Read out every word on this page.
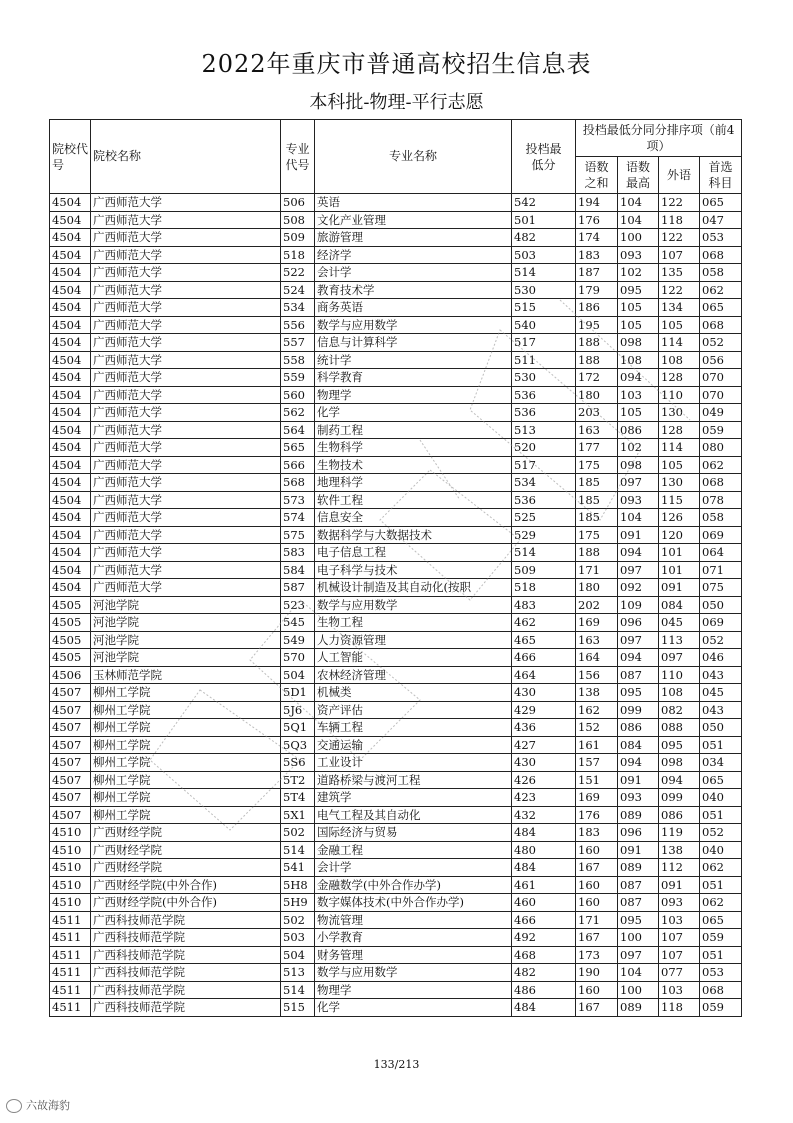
2022年重庆市普通高校招生信息表
本科批-物理-平行志愿
院校代号	院校名称	专业代号	专业名称	投档最低分	投档最低分同分排序项（前4项）			
					语数之和	语数最高	外语	首选科目
4504	广西师范大学	506	英语	542	194	104	122	065
4504	广西师范大学	508	文化产业管理	501	176	104	118	047
4504	广西师范大学	509	旅游管理	482	174	100	122	053
4504	广西师范大学	518	经济学	503	183	093	107	068
4504	广西师范大学	522	会计学	514	187	102	135	058
4504	广西师范大学	524	教育技术学	530	179	095	122	062
4504	广西师范大学	534	商务英语	515	186	105	134	065
4504	广西师范大学	556	数学与应用数学	540	195	105	105	068
4504	广西师范大学	557	信息与计算科学	517	188	098	114	052
4504	广西师范大学	558	统计学	511	188	108	108	056
4504	广西师范大学	559	科学教育	530	172	094	128	070
4504	广西师范大学	560	物理学	536	180	103	110	070
4504	广西师范大学	562	化学	536	203	105	130	049
4504	广西师范大学	564	制药工程	513	163	086	128	059
4504	广西师范大学	565	生物科学	520	177	102	114	080
4504	广西师范大学	566	生物技术	517	175	098	105	062
4504	广西师范大学	568	地理科学	534	185	097	130	068
4504	广西师范大学	573	软件工程	536	185	093	115	078
4504	广西师范大学	574	信息安全	525	185	104	126	058
4504	广西师范大学	575	数据科学与大数据技术	529	175	091	120	069
4504	广西师范大学	583	电子信息工程	514	188	094	101	064
4504	广西师范大学	584	电子科学与技术	509	171	097	101	071
4504	广西师范大学	587	机械设计制造及其自动化(按职	518	180	092	091	075
4505	河池学院	523	数学与应用数学	483	202	109	084	050
4505	河池学院	545	生物工程	462	169	096	045	069
4505	河池学院	549	人力资源管理	465	163	097	113	052
4505	河池学院	570	人工智能	466	164	094	097	046
4506	玉林师范学院	504	农林经济管理	464	156	087	110	043
4507	柳州工学院	5D1	机械类	430	138	095	108	045
4507	柳州工学院	5J6	资产评估	429	162	099	082	043
4507	柳州工学院	5Q1	车辆工程	436	152	086	088	050
4507	柳州工学院	5Q3	交通运输	427	161	084	095	051
4507	柳州工学院	5S6	工业设计	430	157	094	098	034
4507	柳州工学院	5T2	道路桥梁与渡河工程	426	151	091	094	065
4507	柳州工学院	5T4	建筑学	423	169	093	099	040
4507	柳州工学院	5X1	电气工程及其自动化	432	176	089	086	051
4510	广西财经学院	502	国际经济与贸易	484	183	096	119	052
4510	广西财经学院	514	金融工程	480	160	091	138	040
4510	广西财经学院	541	会计学	484	167	089	112	062
4510	广西财经学院(中外合作)	5H8	金融数学(中外合作办学)	461	160	087	091	051
4510	广西财经学院(中外合作)	5H9	数字媒体技术(中外合作办学)	460	160	087	093	062
4511	广西科技师范学院	502	物流管理	466	171	095	103	065
4511	广西科技师范学院	503	小学教育	492	167	100	107	059
4511	广西科技师范学院	504	财务管理	468	173	097	107	051
4511	广西科技师范学院	513	数学与应用数学	482	190	104	077	053
4511	广西科技师范学院	514	物理学	486	160	100	103	068
4511	广西科技师范学院	515	化学	484	167	089	118	059
133/213
六故海豹
